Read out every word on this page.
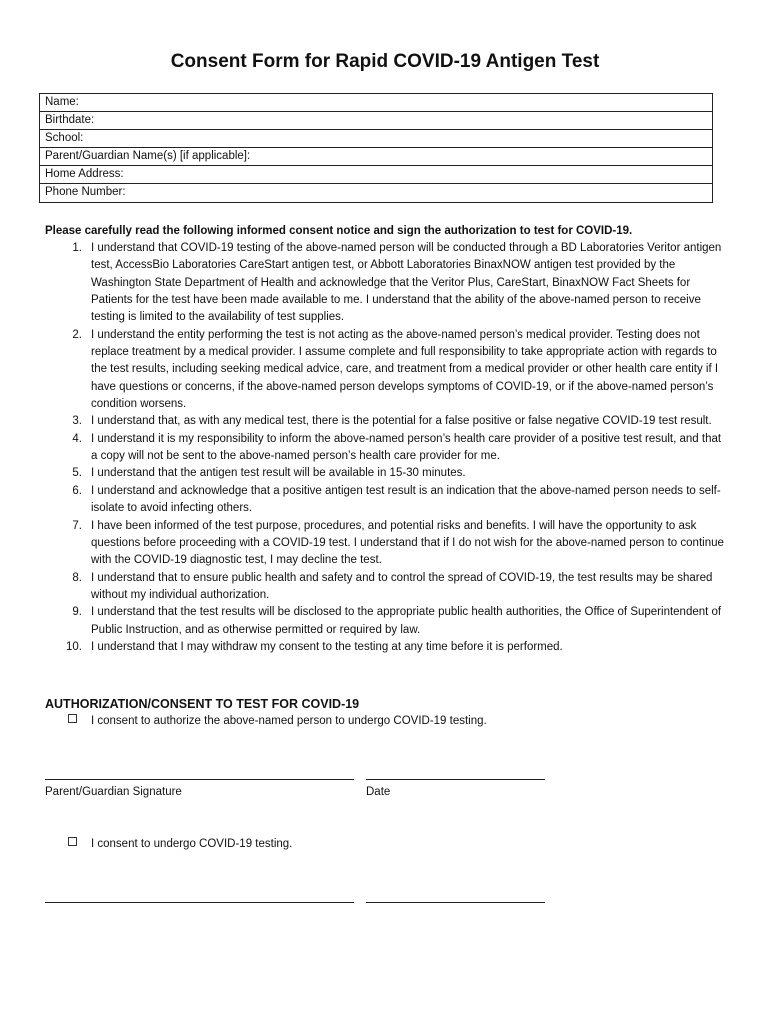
Consent Form for Rapid COVID-19 Antigen Test
Name:
Birthdate:
School:
Parent/Guardian Name(s) [if applicable]:
Home Address:
Phone Number:
Please carefully read the following informed consent notice and sign the authorization to test for COVID-19.
1. I understand that COVID-19 testing of the above-named person will be conducted through a BD Laboratories Veritor antigen test, AccessBio Laboratories CareStart antigen test, or Abbott Laboratories BinaxNOW antigen test provided by the Washington State Department of Health and acknowledge that the Veritor Plus, CareStart, BinaxNOW Fact Sheets for Patients for the test have been made available to me. I understand that the ability of the above-named person to receive testing is limited to the availability of test supplies.
2. I understand the entity performing the test is not acting as the above-named person’s medical provider. Testing does not replace treatment by a medical provider. I assume complete and full responsibility to take appropriate action with regards to the test results, including seeking medical advice, care, and treatment from a medical provider or other health care entity if I have questions or concerns, if the above-named person develops symptoms of COVID-19, or if the above-named person’s condition worsens.
3. I understand that, as with any medical test, there is the potential for a false positive or false negative COVID-19 test result.
4. I understand it is my responsibility to inform the above-named person’s health care provider of a positive test result, and that a copy will not be sent to the above-named person’s health care provider for me.
5. I understand that the antigen test result will be available in 15-30 minutes.
6. I understand and acknowledge that a positive antigen test result is an indication that the above-named person needs to self-isolate to avoid infecting others.
7. I have been informed of the test purpose, procedures, and potential risks and benefits. I will have the opportunity to ask questions before proceeding with a COVID-19 test. I understand that if I do not wish for the above-named person to continue with the COVID-19 diagnostic test, I may decline the test.
8. I understand that to ensure public health and safety and to control the spread of COVID-19, the test results may be shared without my individual authorization.
9. I understand that the test results will be disclosed to the appropriate public health authorities, the Office of Superintendent of Public Instruction, and as otherwise permitted or required by law.
10. I understand that I may withdraw my consent to the testing at any time before it is performed.
AUTHORIZATION/CONSENT TO TEST FOR COVID-19
I consent to authorize the above-named person to undergo COVID-19 testing.
Parent/Guardian Signature	Date
I consent to undergo COVID-19 testing.
